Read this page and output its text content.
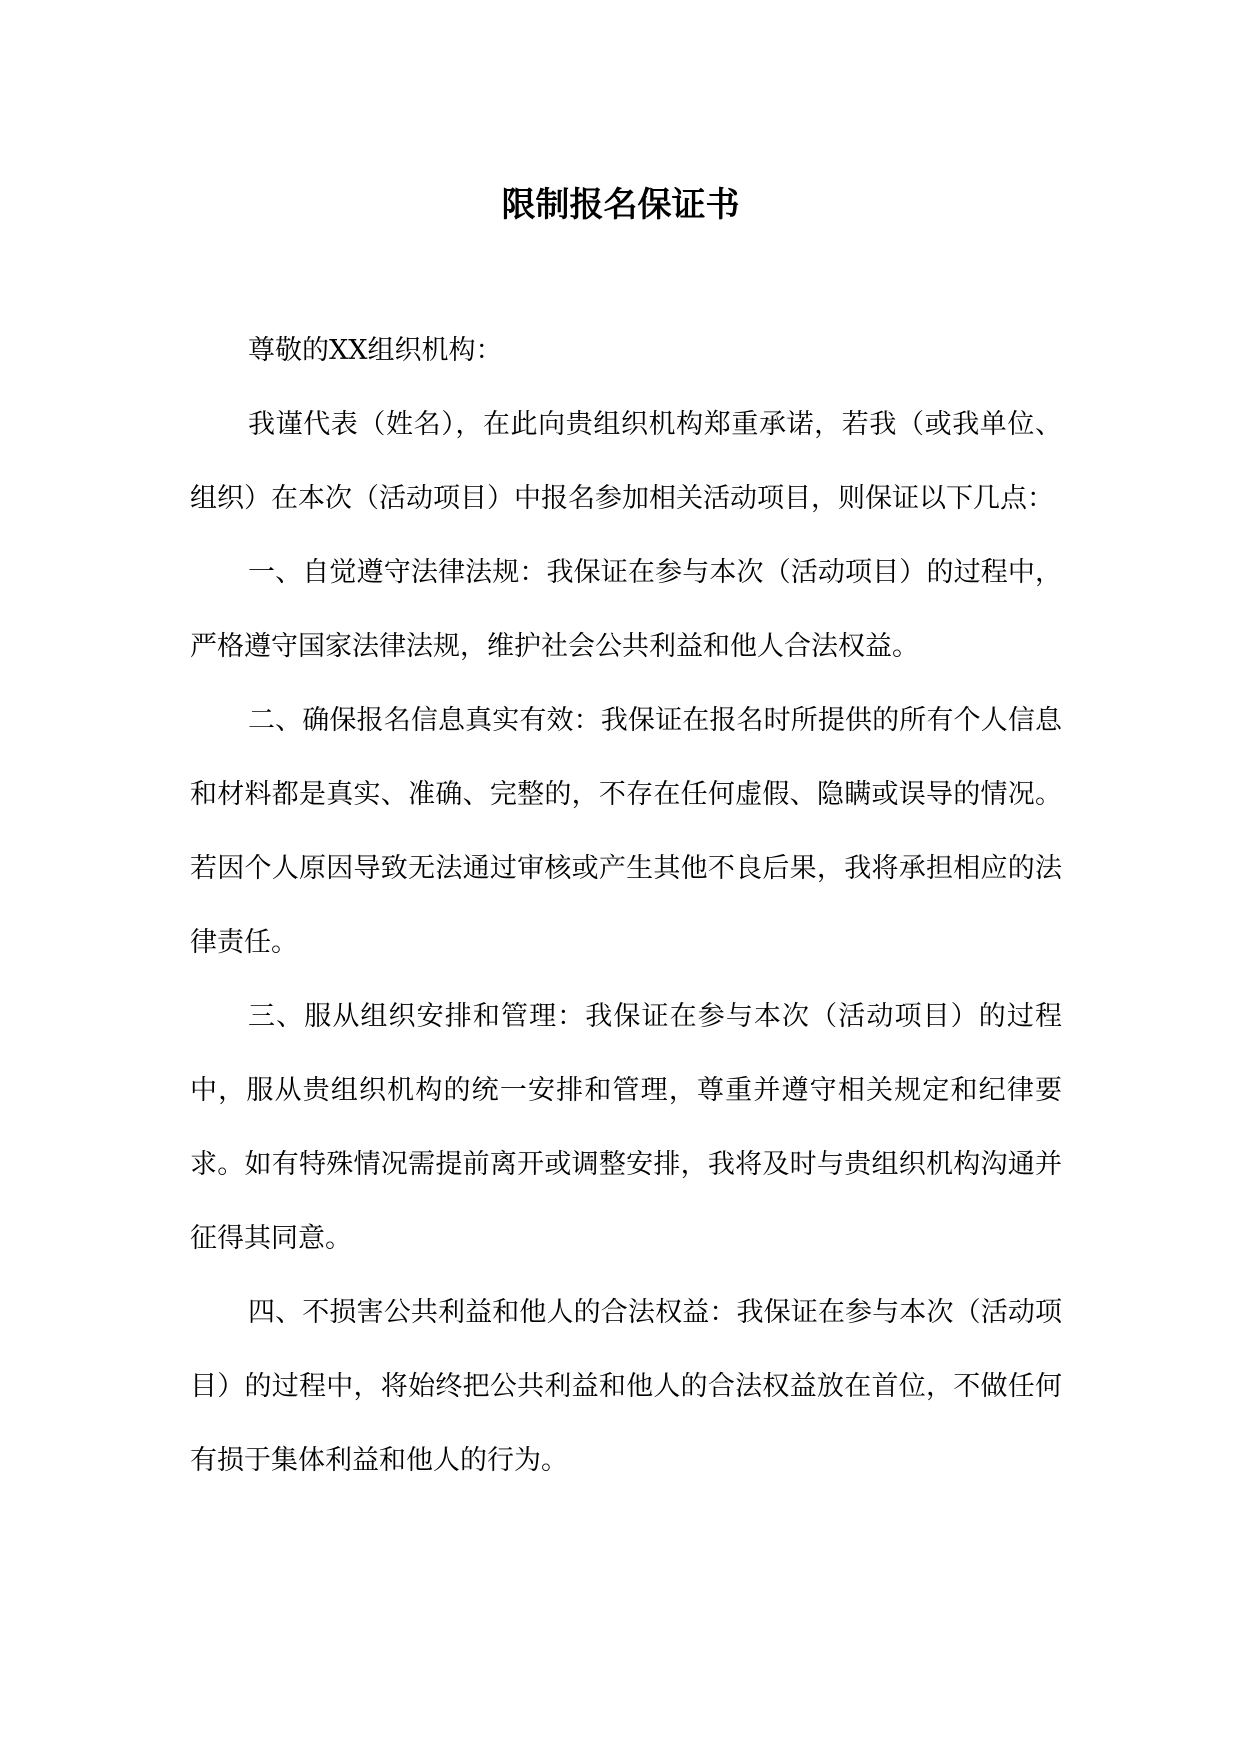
限制报名保证书

尊敬的XX组织机构：

我谨代表（姓名），在此向贵组织机构郑重承诺，若我（或我单位、组织）在本次（活动项目）中报名参加相关活动项目，则保证以下几点：

一、自觉遵守法律法规：我保证在参与本次（活动项目）的过程中，严格遵守国家法律法规，维护社会公共利益和他人合法权益。

二、确保报名信息真实有效：我保证在报名时所提供的所有个人信息和材料都是真实、准确、完整的，不存在任何虚假、隐瞒或误导的情况。若因个人原因导致无法通过审核或产生其他不良后果，我将承担相应的法律责任。

三、服从组织安排和管理：我保证在参与本次（活动项目）的过程中，服从贵组织机构的统一安排和管理，尊重并遵守相关规定和纪律要求。如有特殊情况需提前离开或调整安排，我将及时与贵组织机构沟通并征得其同意。

四、不损害公共利益和他人的合法权益：我保证在参与本次（活动项目）的过程中，将始终把公共利益和他人的合法权益放在首位，不做任何有损于集体利益和他人的行为。
